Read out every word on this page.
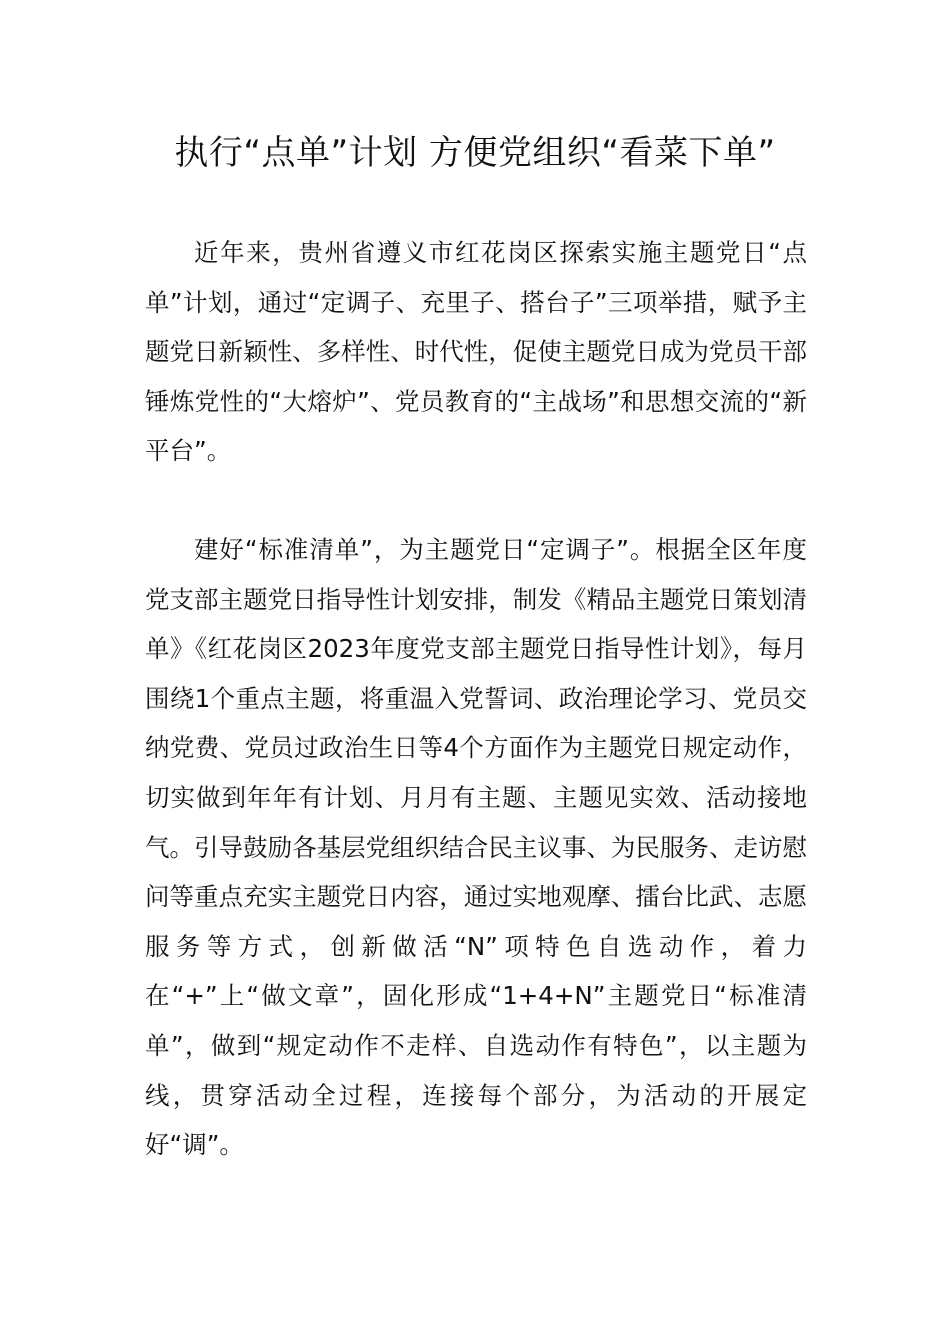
执行“点单”计划 方便党组织“看菜下单”

近年来，贵州省遵义市红花岗区探索实施主题党日“点单”计划，通过“定调子、充里子、搭台子”三项举措，赋予主题党日新颖性、多样性、时代性，促使主题党日成为党员干部锤炼党性的“大熔炉”、党员教育的“主战场”和思想交流的“新平台”。

建好“标准清单”，为主题党日“定调子”。根据全区年度党支部主题党日指导性计划安排，制发《精品主题党日策划清单》《红花岗区2023年度党支部主题党日指导性计划》，每月围绕1个重点主题，将重温入党誓词、政治理论学习、党员交纳党费、党员过政治生日等4个方面作为主题党日规定动作，切实做到年年有计划、月月有主题、主题见实效、活动接地气。引导鼓励各基层党组织结合民主议事、为民服务、走访慰问等重点充实主题党日内容，通过实地观摩、擂台比武、志愿服务等方式，创新做活“N”项特色自选动作，着力在“+”上“做文章”，固化形成“1+4+N”主题党日“标准清单”，做到“规定动作不走样、自选动作有特色”，以主题为线，贯穿活动全过程，连接每个部分，为活动的开展定好“调”。
